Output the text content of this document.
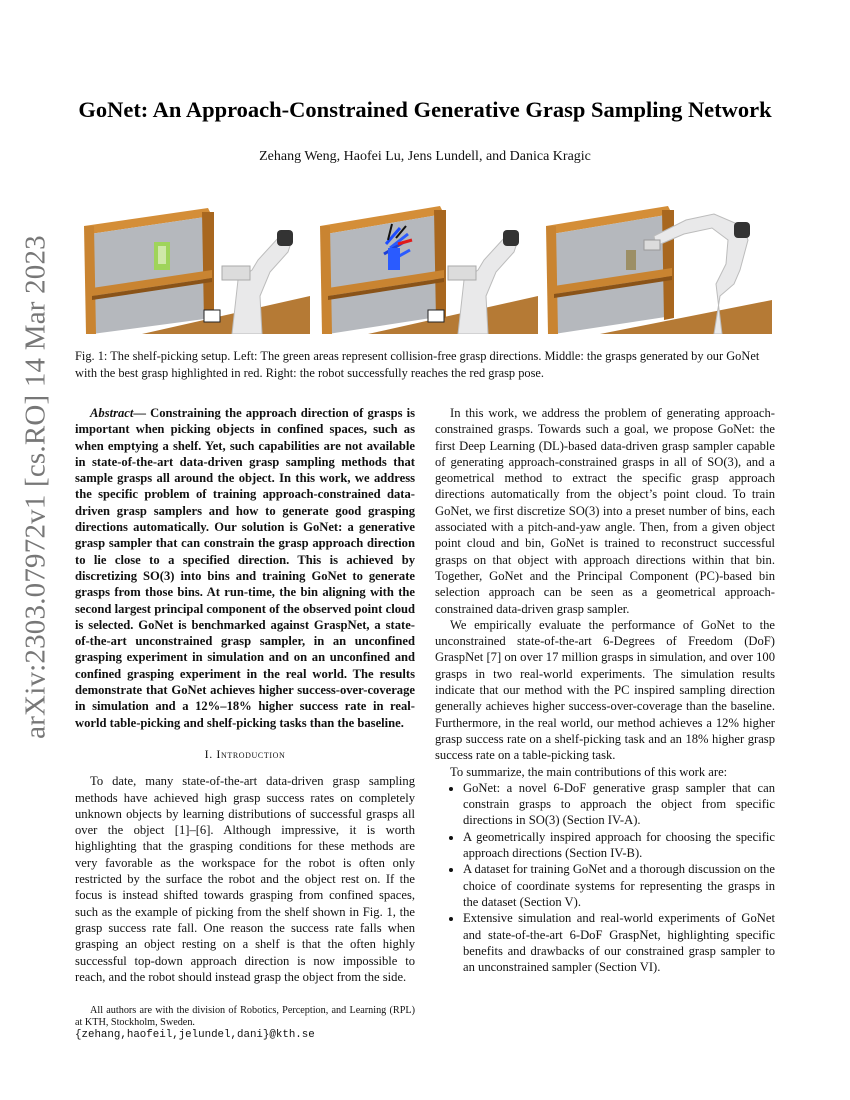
arXiv:2303.07972v1 [cs.RO] 14 Mar 2023
GoNet: An Approach-Constrained Generative Grasp Sampling Network

Zehang Weng, Haofei Lu, Jens Lundell, and Danica Kragic

Fig. 1: The shelf-picking setup. Left: The green areas represent collision-free grasp directions. Middle: the grasps generated by our GoNet with the best grasp highlighted in red. Right: the robot successfully reaches the red grasp pose.

Abstract— Constraining the approach direction of grasps is important when picking objects in confined spaces, such as when emptying a shelf. Yet, such capabilities are not available in state-of-the-art data-driven grasp sampling methods that sample grasps all around the object. In this work, we address the specific problem of training approach-constrained data-driven grasp samplers and how to generate good grasping directions automatically. Our solution is GoNet: a generative grasp sampler that can constrain the grasp approach direction to lie close to a specified direction. This is achieved by discretizing SO(3) into bins and training GoNet to generate grasps from those bins. At run-time, the bin aligning with the second largest principal component of the observed point cloud is selected. GoNet is benchmarked against GraspNet, a state-of-the-art unconstrained grasp sampler, in an unconfined grasping experiment in simulation and on an unconfined and confined grasping experiment in the real world. The results demonstrate that GoNet achieves higher success-over-coverage in simulation and a 12%–18% higher success rate in real-world table-picking and shelf-picking tasks than the baseline.

I. Introduction

To date, many state-of-the-art data-driven grasp sampling methods have achieved high grasp success rates on completely unknown objects by learning distributions of successful grasps all over the object [1]–[6]. Although impressive, it is worth highlighting that the grasping conditions for these methods are very favorable as the workspace for the robot is often only restricted by the surface the robot and the object rest on. If the focus is instead shifted towards grasping from confined spaces, such as the example of picking from the shelf shown in Fig. 1, the grasp success rate fall. One reason the success rate falls when grasping an object resting on a shelf is that the often highly successful top-down approach direction is now impossible to reach, and the robot should instead grasp the object from the side.

All authors are with the division of Robotics, Perception, and Learning (RPL) at KTH, Stockholm, Sweden.
{zehang,haofeil,jelundel,dani}@kth.se

In this work, we address the problem of generating approach-constrained grasps. Towards such a goal, we propose GoNet: the first Deep Learning (DL)-based data-driven grasp sampler capable of generating approach-constrained grasps in all of SO(3), and a geometrical method to extract the specific grasp approach directions automatically from the object’s point cloud. To train GoNet, we first discretize SO(3) into a preset number of bins, each associated with a pitch-and-yaw angle. Then, from a given object point cloud and bin, GoNet is trained to reconstruct successful grasps on that object with approach directions within that bin. Together, GoNet and the Principal Component (PC)-based bin selection approach can be seen as a geometrical approach-constrained data-driven grasp sampler.

We empirically evaluate the performance of GoNet to the unconstrained state-of-the-art 6-Degrees of Freedom (DoF) GraspNet [7] on over 17 million grasps in simulation, and over 100 grasps in two real-world experiments. The simulation results indicate that our method with the PC inspired sampling direction generally achieves higher success-over-coverage than the baseline. Furthermore, in the real world, our method achieves a 12% higher grasp success rate on a shelf-picking task and an 18% higher grasp success rate on a table-picking task.

To summarize, the main contributions of this work are:

• GoNet: a novel 6-DoF generative grasp sampler that can constrain grasps to approach the object from specific directions in SO(3) (Section IV-A).
• A geometrically inspired approach for choosing the specific approach directions (Section IV-B).
• A dataset for training GoNet and a thorough discussion on the choice of coordinate systems for representing the grasps in the dataset (Section V).
• Extensive simulation and real-world experiments of GoNet and state-of-the-art 6-DoF GraspNet, highlighting specific benefits and drawbacks of our constrained grasp sampler to an unconstrained sampler (Section VI).
